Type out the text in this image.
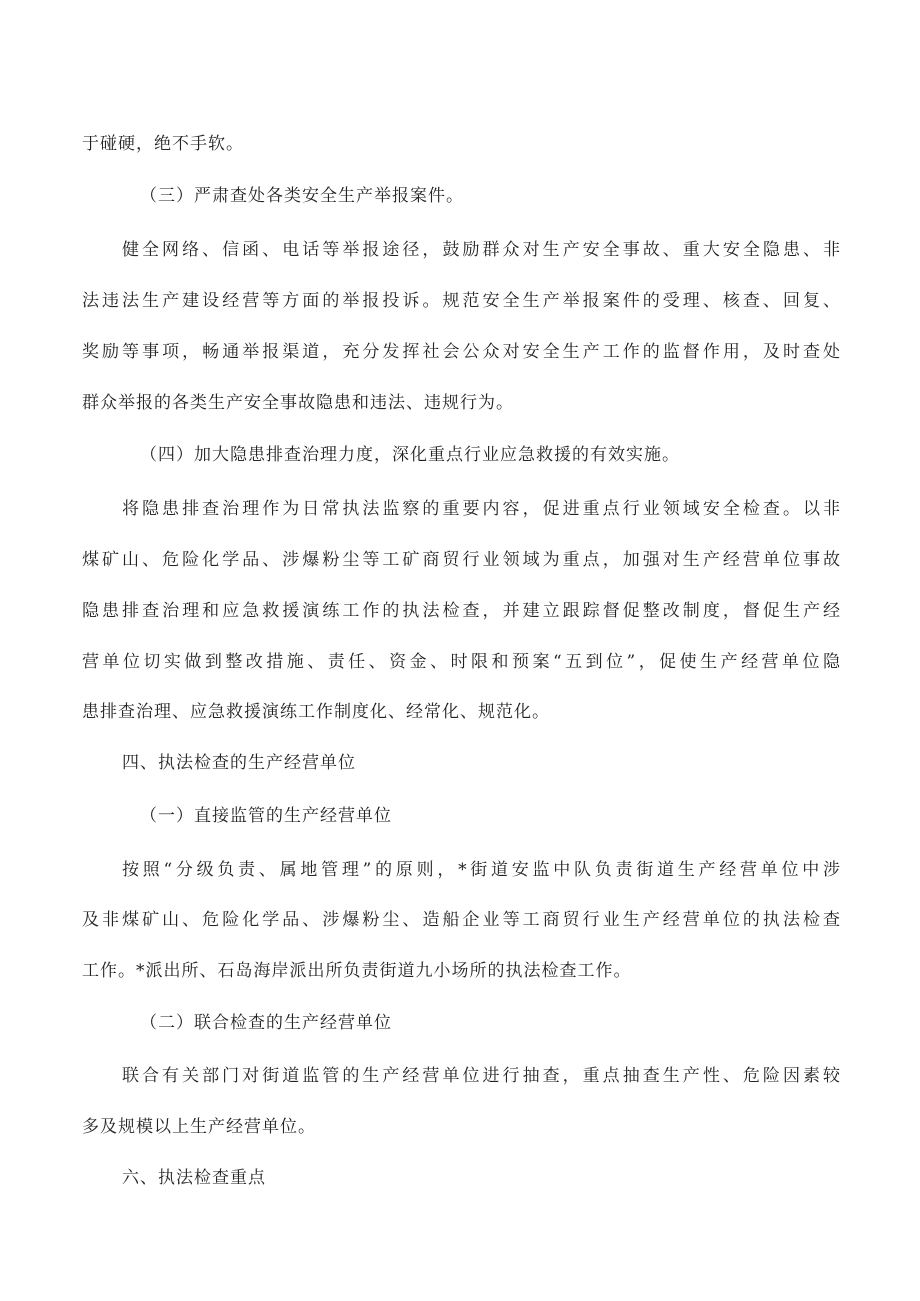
于碰硬，绝不手软。
（三）严肃查处各类安全生产举报案件。
健全网络、信函、电话等举报途径，鼓励群众对生产安全事故、重大安全隐患、非
法违法生产建设经营等方面的举报投诉。规范安全生产举报案件的受理、核查、回复、
奖励等事项，畅通举报渠道，充分发挥社会公众对安全生产工作的监督作用，及时查处
群众举报的各类生产安全事故隐患和违法、违规行为。
（四）加大隐患排查治理力度，深化重点行业应急救援的有效实施。
将隐患排查治理作为日常执法监察的重要内容，促进重点行业领域安全检查。以非
煤矿山、危险化学品、涉爆粉尘等工矿商贸行业领域为重点，加强对生产经营单位事故
隐患排查治理和应急救援演练工作的执法检查，并建立跟踪督促整改制度，督促生产经
营单位切实做到整改措施、责任、资金、时限和预案“五到位”，促使生产经营单位隐
患排查治理、应急救援演练工作制度化、经常化、规范化。
四、执法检查的生产经营单位
（一）直接监管的生产经营单位
按照“分级负责、属地管理”的原则，*街道安监中队负责街道生产经营单位中涉
及非煤矿山、危险化学品、涉爆粉尘、造船企业等工商贸行业生产经营单位的执法检查
工作。*派出所、石岛海岸派出所负责街道九小场所的执法检查工作。
（二）联合检查的生产经营单位
联合有关部门对街道监管的生产经营单位进行抽查，重点抽查生产性、危险因素较
多及规模以上生产经营单位。
六、执法检查重点
